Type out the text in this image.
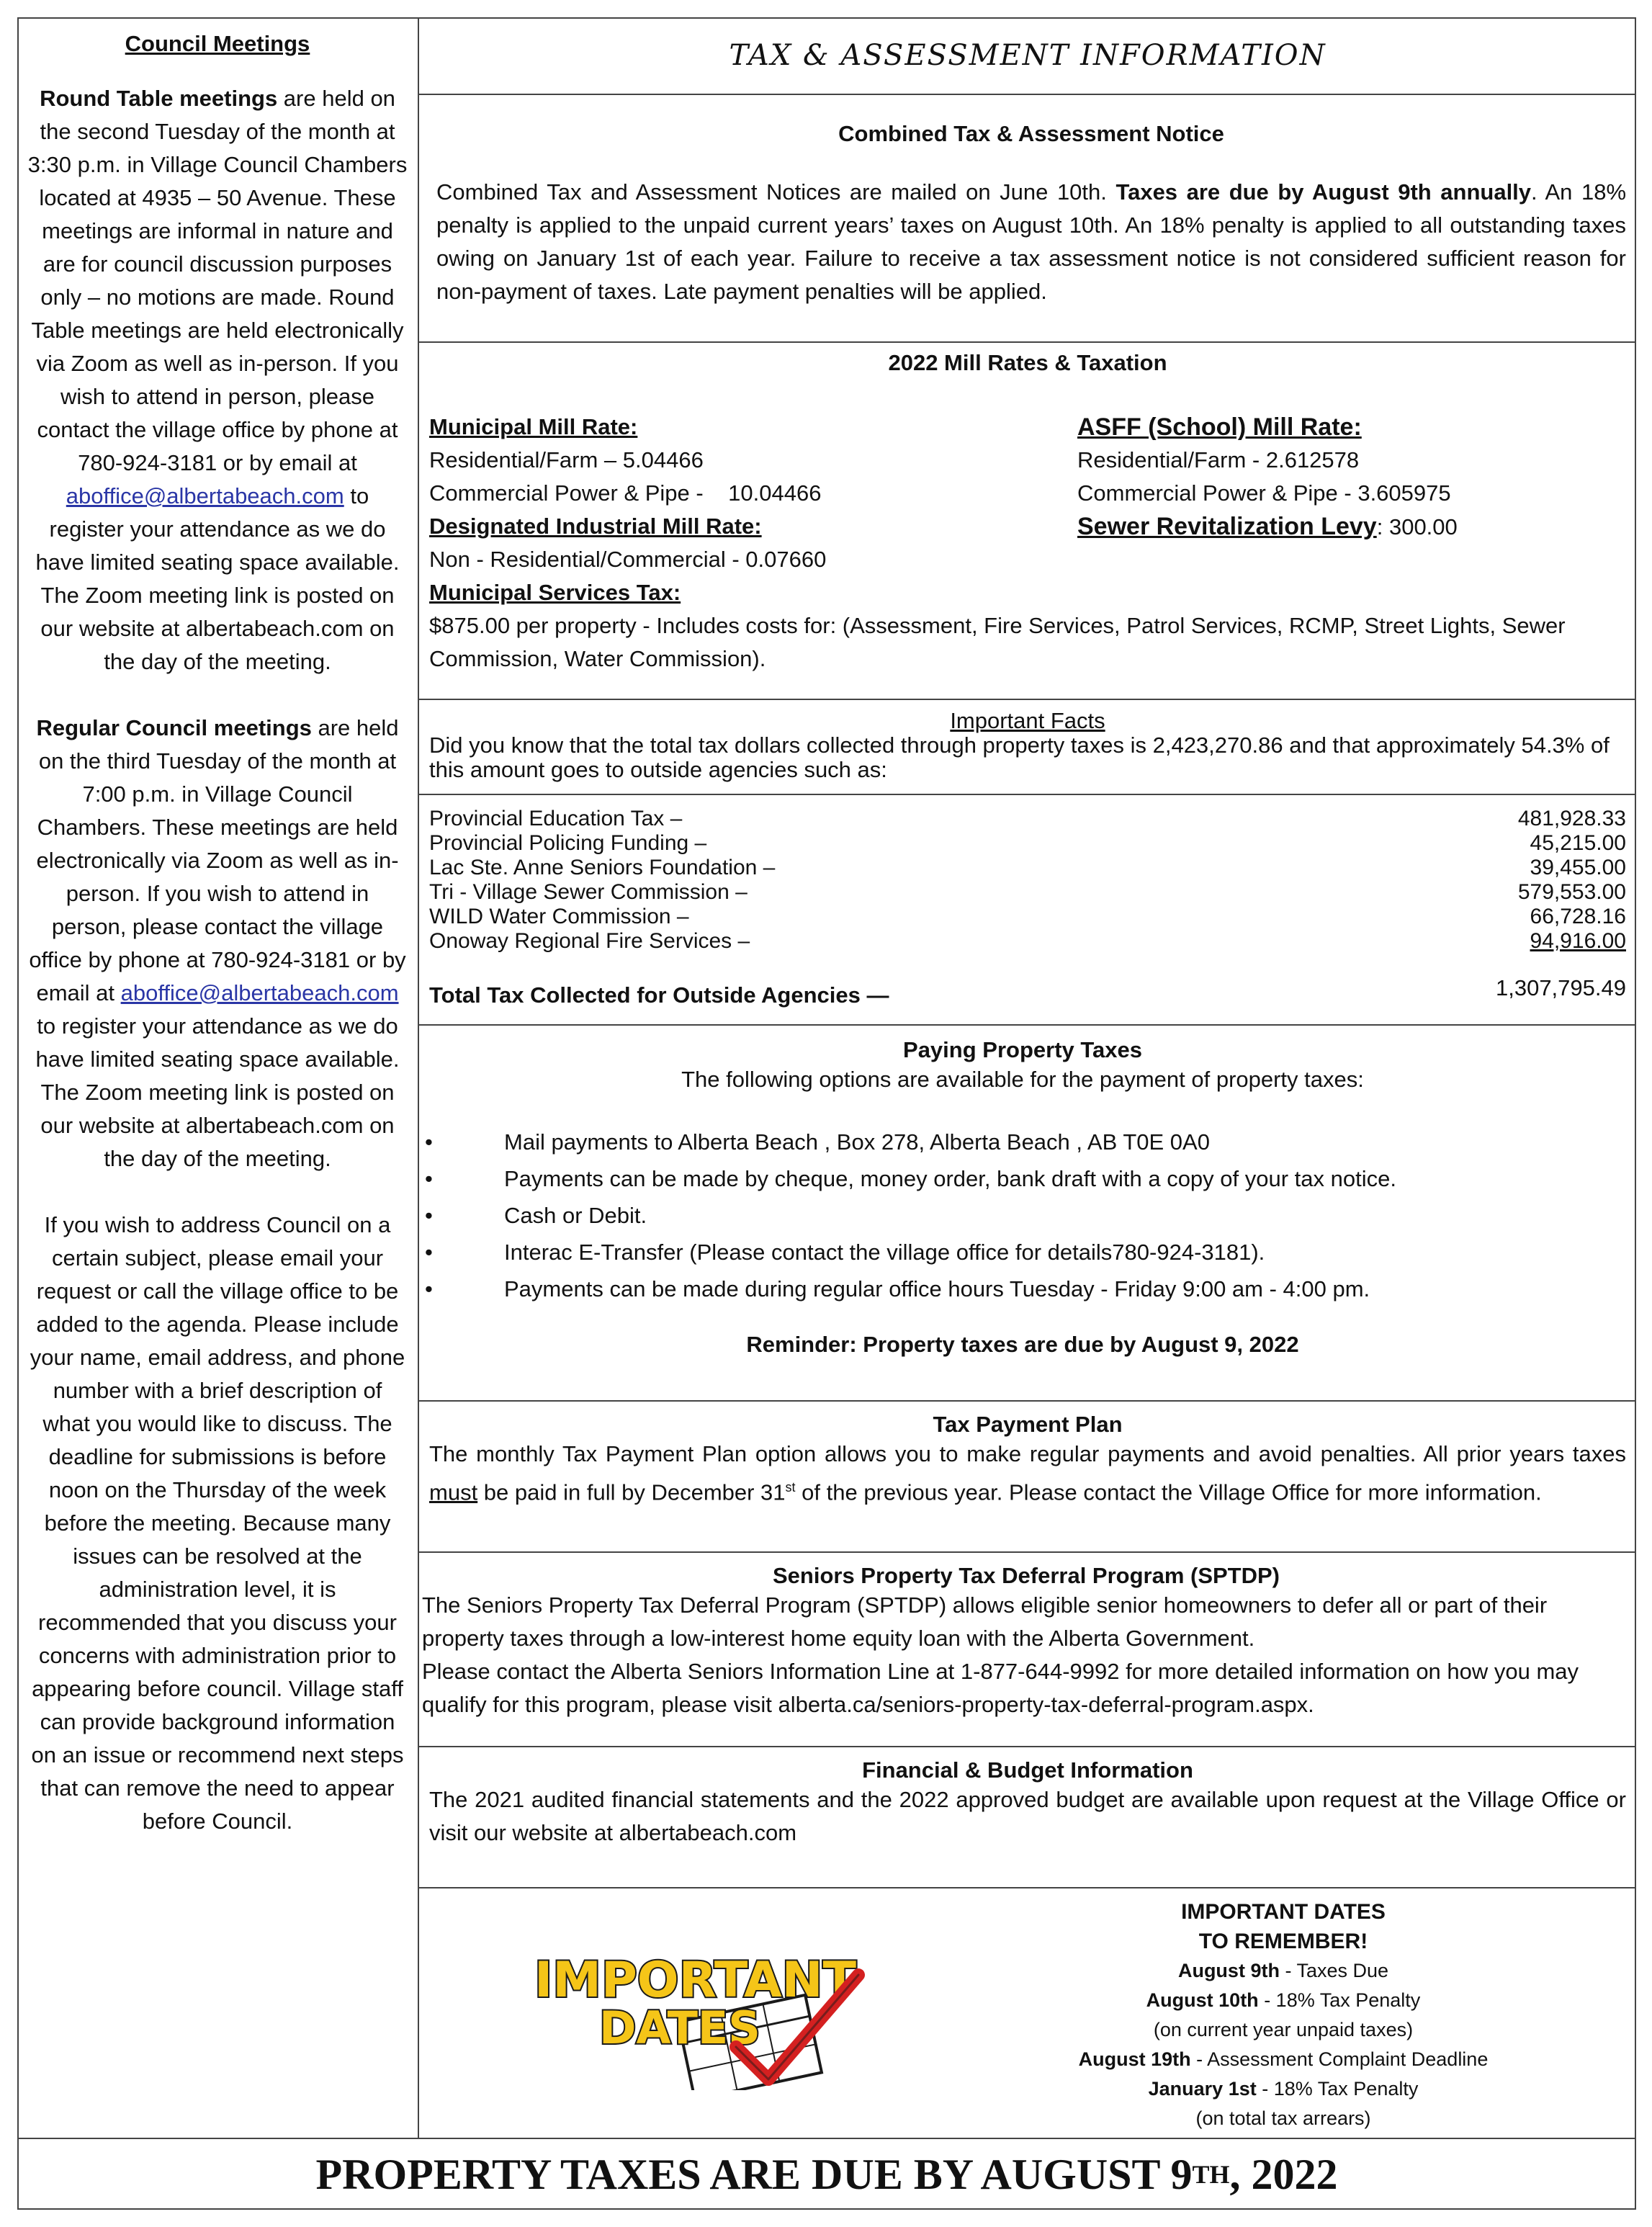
Council Meetings

Round Table meetings are held on the second Tuesday of the month at 3:30 p.m. in Village Council Chambers located at 4935 – 50 Avenue. These meetings are informal in nature and are for council discussion purposes only – no motions are made. Round Table meetings are held electronically via Zoom as well as in-person. If you wish to attend in person, please contact the village office by phone at 780-924-3181 or by email at aboffice@albertabeach.com to register your attendance as we do have limited seating space available. The Zoom meeting link is posted on our website at albertabeach.com on the day of the meeting.

Regular Council meetings are held on the third Tuesday of the month at 7:00 p.m. in Village Council Chambers. These meetings are held electronically via Zoom as well as in-person. If you wish to attend in person, please contact the village office by phone at 780-924-3181 or by email at aboffice@albertabeach.com to register your attendance as we do have limited seating space available. The Zoom meeting link is posted on our website at albertabeach.com on the day of the meeting.

If you wish to address Council on a certain subject, please email your request or call the village office to be added to the agenda. Please include your name, email address, and phone number with a brief description of what you would like to discuss. The deadline for submissions is before noon on the Thursday of the week before the meeting. Because many issues can be resolved at the administration level, it is recommended that you discuss your concerns with administration prior to appearing before council. Village staff can provide background information on an issue or recommend next steps that can remove the need to appear before Council.

TAX & ASSESSMENT INFORMATION
Combined Tax & Assessment Notice
Combined Tax and Assessment Notices are mailed on June 10th. Taxes are due by August 9th annually. An 18% penalty is applied to the unpaid current years’ taxes on August 10th. An 18% penalty is applied to all outstanding taxes owing on January 1st of each year. Failure to receive a tax assessment notice is not considered sufficient reason for non-payment of taxes. Late payment penalties will be applied.
2022 Mill Rates & Taxation
Municipal Mill Rate:
Residential/Farm – 5.04466
Commercial Power & Pipe -    10.04466
Designated Industrial Mill Rate:
Non - Residential/Commercial - 0.07660
Municipal Services Tax:
$875.00 per property - Includes costs for: (Assessment, Fire Services, Patrol Services, RCMP, Street Lights, Sewer Commission, Water Commission).
ASFF (School) Mill Rate:
Residential/Farm - 2.612578
Commercial Power & Pipe - 3.605975
Sewer Revitalization Levy: 300.00
Important Facts
Did you know that the total tax dollars collected through property taxes is 2,423,270.86 and that approximately 54.3% of this amount goes to outside agencies such as:
Provincial Education Tax –	481,928.33
Provincial Policing Funding –	45,215.00
Lac Ste. Anne Seniors Foundation –	39,455.00
Tri - Village Sewer Commission –	579,553.00
WILD Water Commission –	66,728.16
Onoway Regional Fire Services –	94,916.00
Total Tax Collected for Outside Agencies —	1,307,795.49
Paying Property Taxes
The following options are available for the payment of property taxes:
•	Mail payments to Alberta Beach , Box 278, Alberta Beach , AB T0E 0A0
•	Payments can be made by cheque, money order, bank draft with a copy of your tax notice.
•	Cash or Debit.
•	Interac E-Transfer (Please contact the village office for details780-924-3181).
•	Payments can be made during regular office hours Tuesday - Friday 9:00 am - 4:00 pm.
Reminder: Property taxes are due by August 9, 2022
Tax Payment Plan
The monthly Tax Payment Plan option allows you to make regular payments and avoid penalties. All prior years taxes must be paid in full by December 31st of the previous year. Please contact the Village Office for more information.
Seniors Property Tax Deferral Program (SPTDP)
The Seniors Property Tax Deferral Program (SPTDP) allows eligible senior homeowners to defer all or part of their property taxes through a low-interest home equity loan with the Alberta Government.
Please contact the Alberta Seniors Information Line at 1-877-644-9992 for more detailed information on how you may qualify for this program, please visit alberta.ca/seniors-property-tax-deferral-program.aspx.
Financial & Budget Information
The 2021 audited financial statements and the 2022 approved budget are available upon request at the Village Office or visit our website at albertabeach.com
IMPORTANT
DATES
IMPORTANT DATES
TO REMEMBER!
August 9th - Taxes Due
August 10th - 18% Tax Penalty
(on current year unpaid taxes)
August 19th - Assessment Complaint Deadline
January 1st - 18% Tax Penalty
(on total tax arrears)
PROPERTY TAXES ARE DUE BY AUGUST 9 TH , 2022
